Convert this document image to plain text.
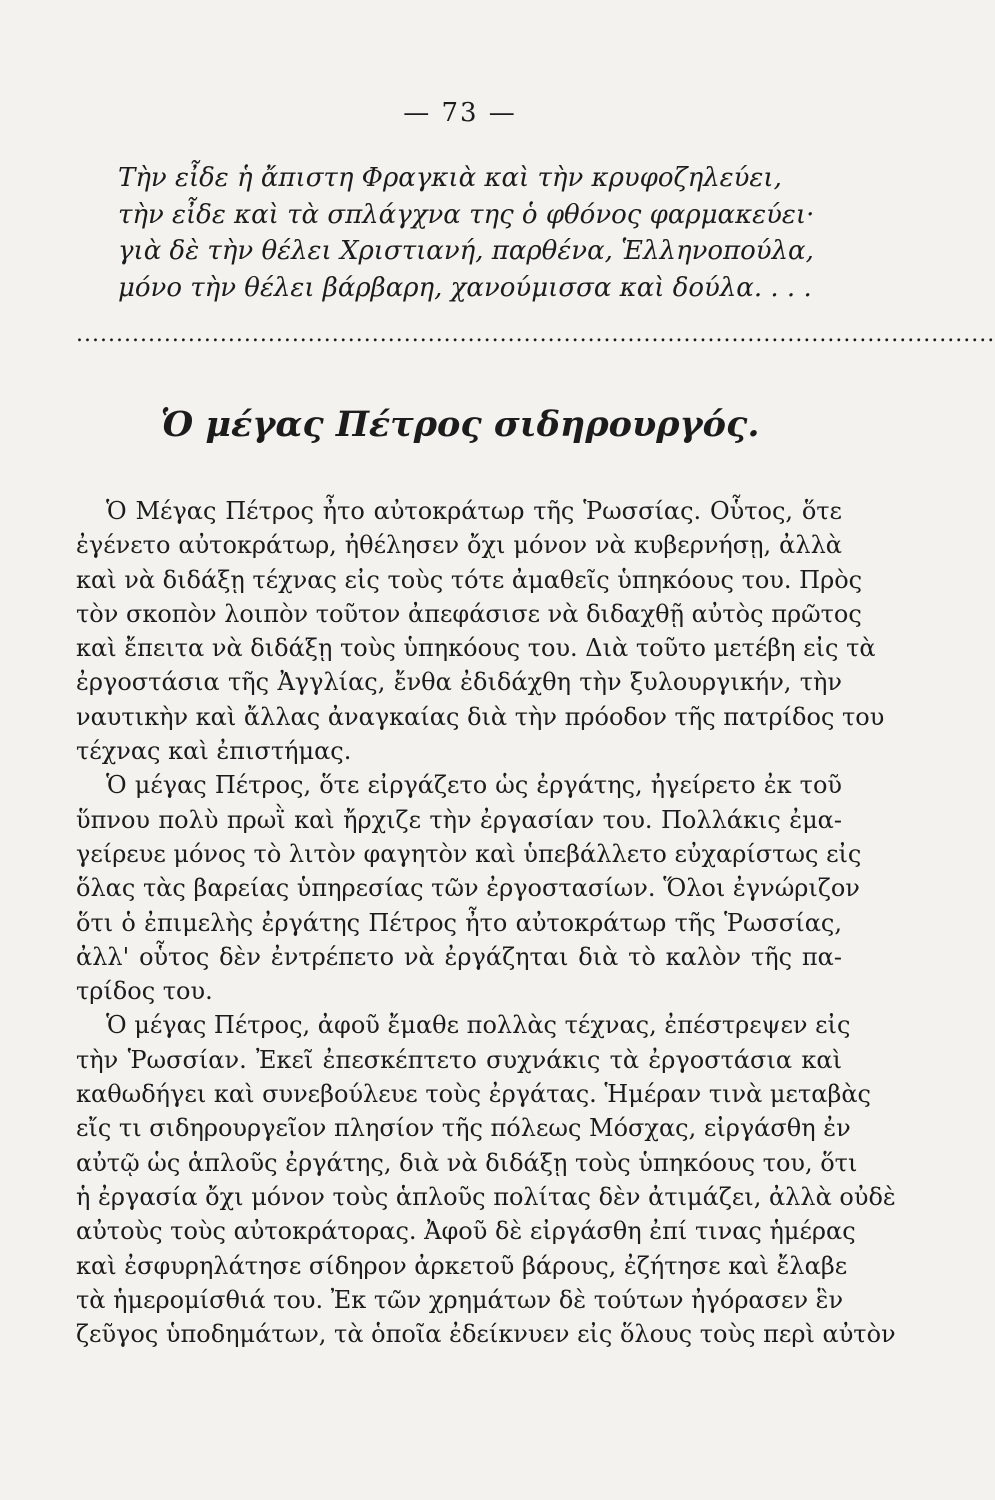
— 73 —
Τὴν εἶδε ἡ ἄπιστη Φραγκιὰ καὶ τὴν κρυφοζηλεύει,
τὴν εἶδε καὶ τὰ σπλάγχνα της ὁ φθόνος φαρμακεύει·
γιὰ δὲ τὴν θέλει Χριστιανή, παρθένα, Ἑλληνοπούλα,
μόνο τὴν θέλει βάρβαρη, χανούμισσα καὶ δούλα. . . .
...................................................................................................................
Ὁ μέγας Πέτρος σιδηρουργός.

Ὁ Μέγας Πέτρος ἦτο αὐτοκράτωρ τῆς Ῥωσσίας. Οὗτος, ὅτε
ἐγένετο αὐτοκράτωρ, ἠθέλησεν ὄχι μόνον νὰ κυβερνήσῃ, ἀλλὰ
καὶ νὰ διδάξῃ τέχνας εἰς τοὺς τότε ἀμαθεῖς ὑπηκόους του. Πρὸς
τὸν σκοπὸν λοιπὸν τοῦτον ἀπεφάσισε νὰ διδαχθῇ αὐτὸς πρῶτος
καὶ ἔπειτα νὰ διδάξῃ τοὺς ὑπηκόους του. Διὰ τοῦτο μετέβη εἰς τὰ
ἐργοστάσια τῆς Ἀγγλίας, ἔνθα ἐδιδάχθη τὴν ξυλουργικήν, τὴν
ναυτικὴν καὶ ἄλλας ἀναγκαίας διὰ τὴν πρόοδον τῆς πατρίδος του
τέχνας καὶ ἐπιστήμας.

Ὁ μέγας Πέτρος, ὅτε εἰργάζετο ὡς ἐργάτης, ἠγείρετο ἐκ τοῦ
ὕπνου πολὺ πρωῒ καὶ ἤρχιζε τὴν ἐργασίαν του. Πολλάκις ἐμα-
γείρευε μόνος τὸ λιτὸν φαγητὸν καὶ ὑπεβάλλετο εὐχαρίστως εἰς
ὅλας τὰς βαρείας ὑπηρεσίας τῶν ἐργοστασίων. Ὅλοι ἐγνώριζον
ὅτι ὁ ἐπιμελὴς ἐργάτης Πέτρος ἦτο αὐτοκράτωρ τῆς Ῥωσσίας,
ἀλλ' οὗτος δὲν ἐντρέπετο νὰ ἐργάζηται διὰ τὸ καλὸν τῆς πα-
τρίδος του.

Ὁ μέγας Πέτρος, ἀφοῦ ἔμαθε πολλὰς τέχνας, ἐπέστρεψεν εἰς
τὴν Ῥωσσίαν. Ἐκεῖ ἐπεσκέπτετο συχνάκις τὰ ἐργοστάσια καὶ
καθωδήγει καὶ συνεβούλευε τοὺς ἐργάτας. Ἡμέραν τινὰ μεταβὰς
εἴς τι σιδηρουργεῖον πλησίον τῆς πόλεως Μόσχας, εἰργάσθη ἐν
αὐτῷ ὡς ἁπλοῦς ἐργάτης, διὰ νὰ διδάξῃ τοὺς ὑπηκόους του, ὅτι
ἡ ἐργασία ὄχι μόνον τοὺς ἁπλοῦς πολίτας δὲν ἀτιμάζει, ἀλλὰ οὐδὲ
αὐτοὺς τοὺς αὐτοκράτορας. Ἀφοῦ δὲ εἰργάσθη ἐπί τινας ἡμέρας
καὶ ἐσφυρηλάτησε σίδηρον ἀρκετοῦ βάρους, ἐζήτησε καὶ ἔλαβε
τὰ ἡμερομίσθιά του. Ἐκ τῶν χρημάτων δὲ τούτων ἠγόρασεν ἓν
ζεῦγος ὑποδημάτων, τὰ ὁποῖα ἐδείκνυεν εἰς ὅλους τοὺς περὶ αὐτὸν
